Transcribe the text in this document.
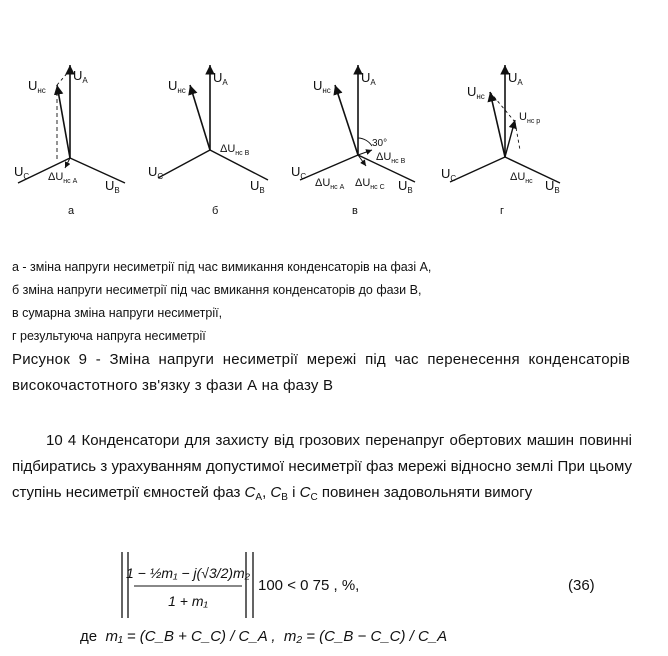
$U_{нс}$
$U_A$
$U_C$
$U_B$
$\Delta U_{нс А}$
а
$U_{нс}$
$U_A$
$U_C$
$U_B$
$\Delta U_{нс В}$
б
$U_{нс}$
$U_A$
$U_C$
$U_B$
30°
$\Delta U_{нс В}$
$\Delta U_{нс А}$ $\Delta U_{нс С}$
в
$U_{нс}$
$U_A$
$U_{нс р}$
$U_C$	$U_B$
$\Delta U_{нс}$
г
а - зміна напруги несиметрії під час вимикання конденсаторів на фазі А,
б зміна напруги несиметрії під час вмикання конденсаторів до фази В,
в сумарна зміна напруги несиметрії,
г результуюча напруга несиметрії
Рисунок 9 - Зміна напруги несиметрії мережі під час перенесення конденсаторів високочастотного зв'язку з фази А на фазу В
10 4 Конденсатори для захисту від грозових перенапруг обертових машин повинні підбиратись з урахуванням допустимої несиметрії фаз мережі відносно землі При цьому ступінь несиметрії ємностей фаз $C_A$, $C_B$ і $C_C$ повинен задовольняти вимогу
1 − ½m₁ − j(√3/2)m₂
1 + m₁
100 < 0 75 , %,	(36)
де m₁ = (C_B + C_C) / C_A , m₂ = (C_B − C_C) / C_A
